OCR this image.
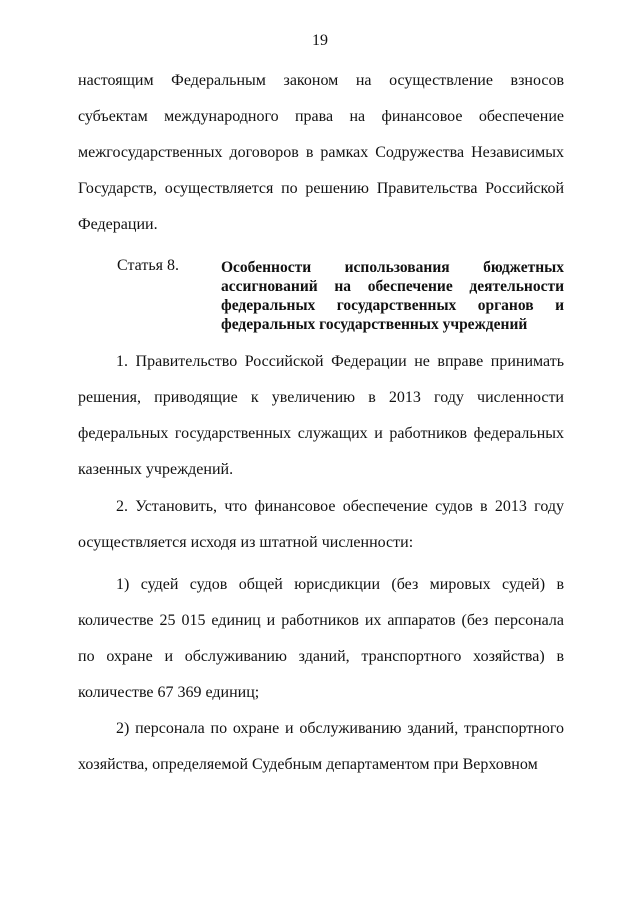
19
настоящим Федеральным законом на осуществление взносов субъектам международного права на финансовое обеспечение межгосударственных договоров в рамках Содружества Независимых Государств, осуществляется по решению Правительства Российской Федерации.
Статья 8.	Особенности использования бюджетных ассигнований на обеспечение деятельности федеральных государственных органов и федеральных государственных учреждений
1. Правительство Российской Федерации не вправе принимать решения, приводящие к увеличению в 2013 году численности федеральных государственных служащих и работников федеральных казенных учреждений.
2. Установить, что финансовое обеспечение судов в 2013 году осуществляется исходя из штатной численности:
1) судей судов общей юрисдикции (без мировых судей) в количестве 25 015 единиц и работников их аппаратов (без персонала по охране и обслуживанию зданий, транспортного хозяйства) в количестве 67 369 единиц;
2) персонала по охране и обслуживанию зданий, транспортного хозяйства, определяемой Судебным департаментом при Верховном
